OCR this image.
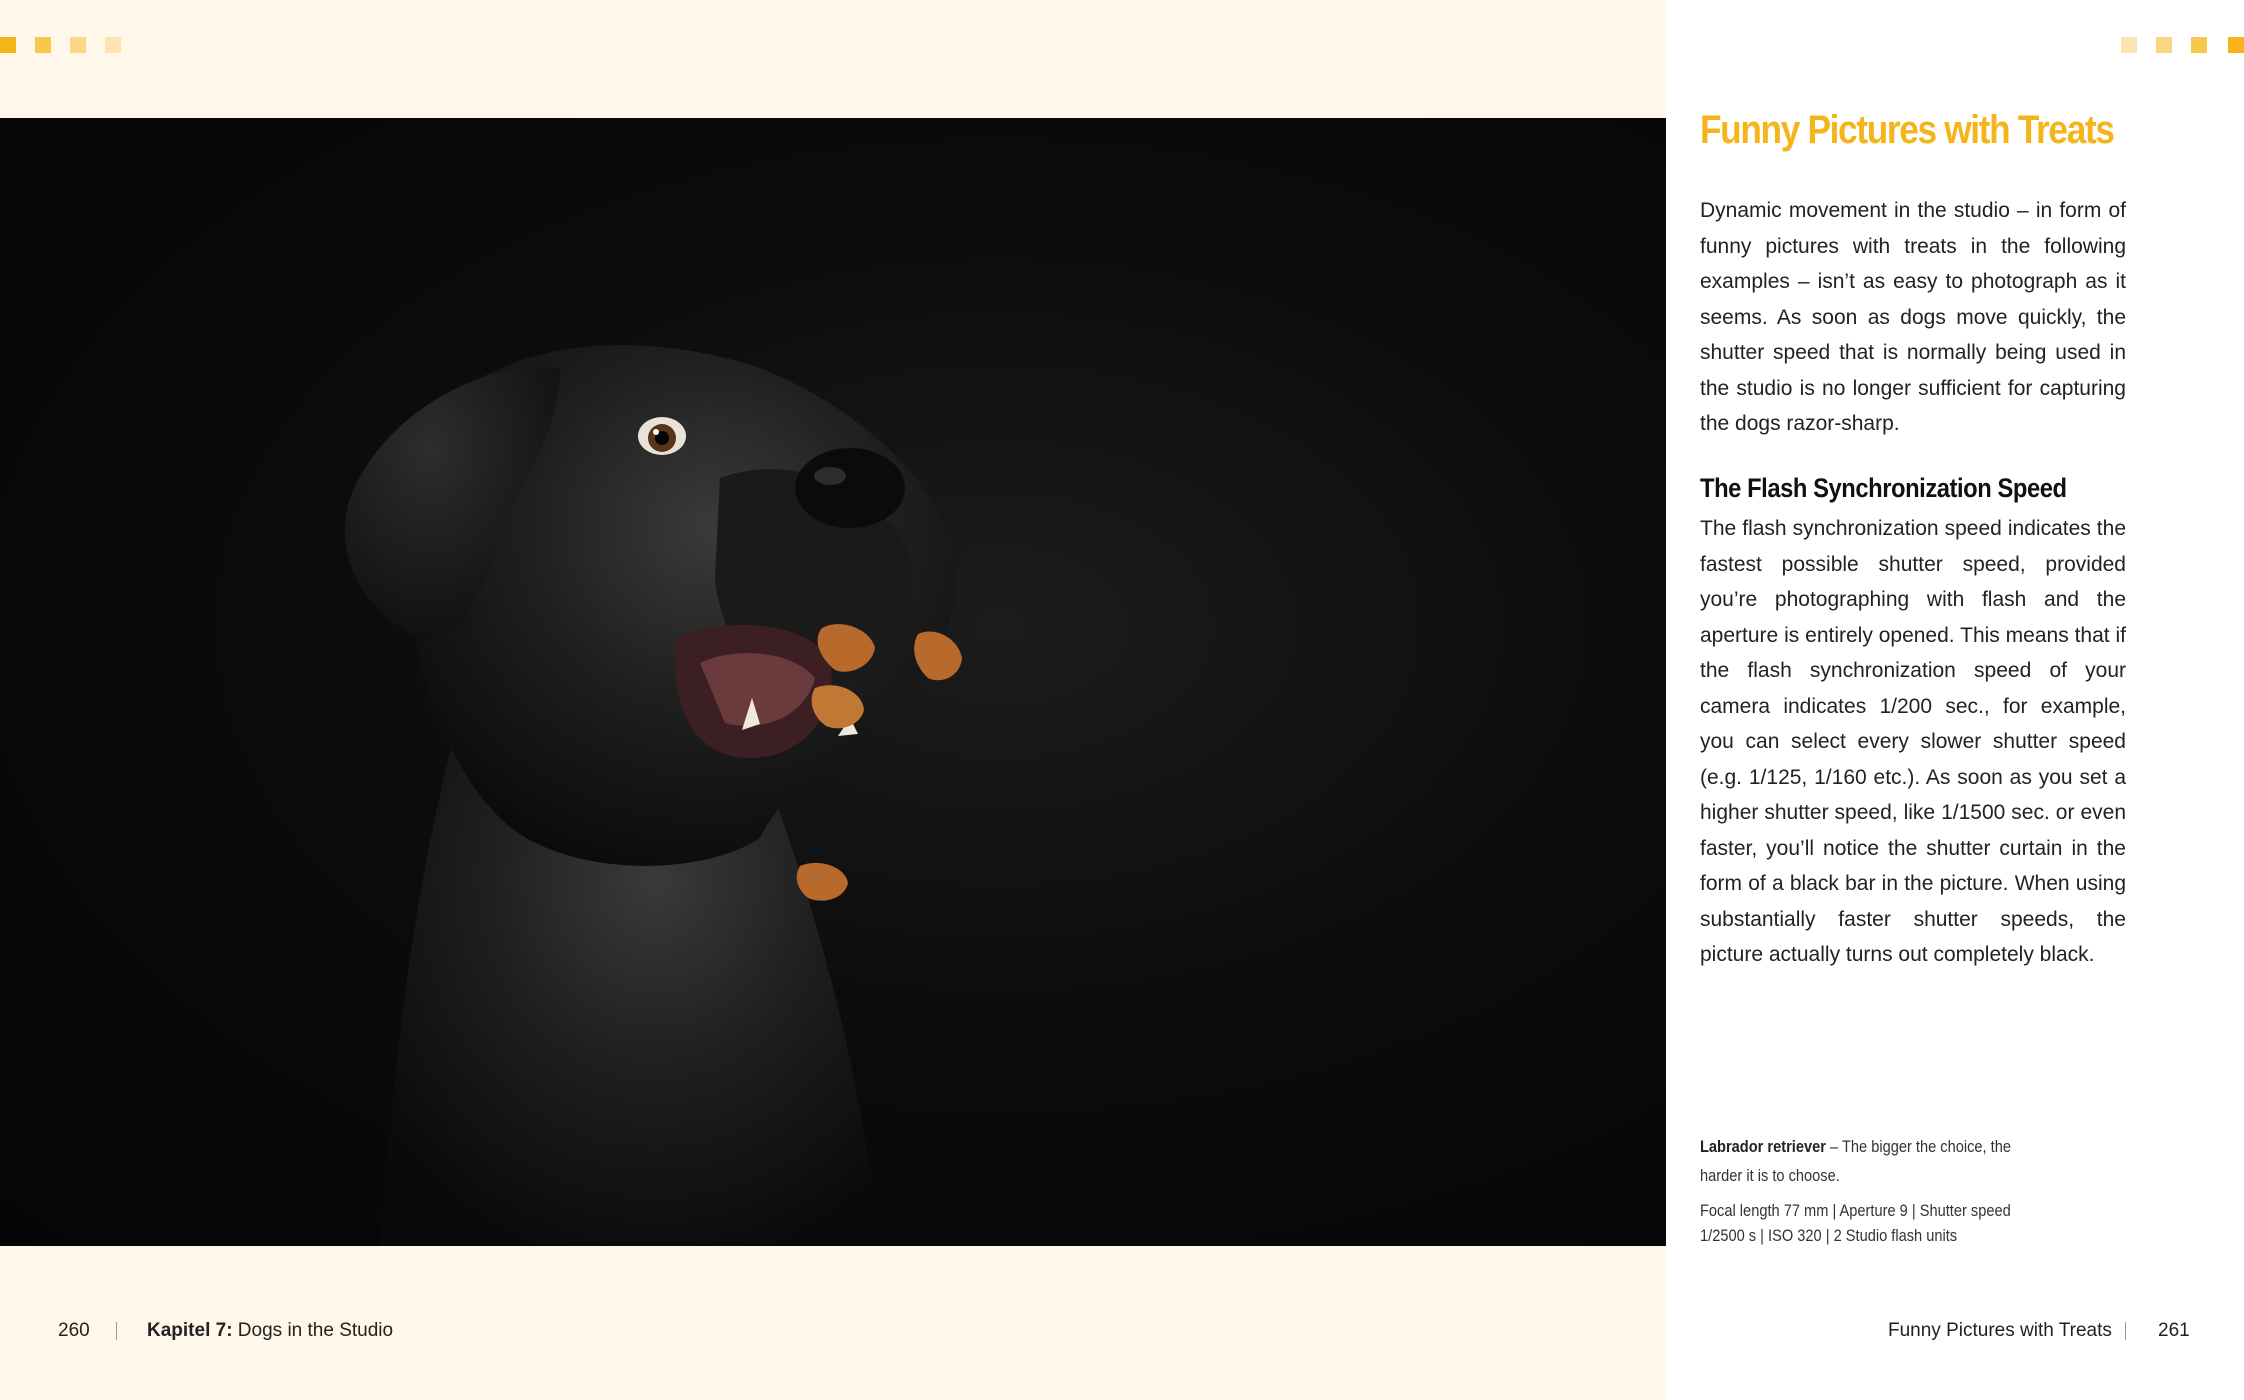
Funny Pictures with Treats

Dynamic movement in the studio – in form of funny pictures with treats in the following examples – isn’t as easy to photograph as it seems. As soon as dogs move quickly, the shutter speed that is normally being used in the studio is no longer sufficient for capturing the dogs razor-sharp.

The Flash Synchronization Speed

The flash synchronization speed indicates the fastest possible shutter speed, provided you’re photographing with flash and the aperture is entirely opened. This means that if the flash synchronization speed of your camera indicates 1/200 sec., for example, you can select every slower shutter speed (e.g. 1/125, 1/160 etc.). As soon as you set a higher shutter speed, like 1/1500 sec. or even faster, you’ll notice the shutter curtain in the form of a black bar in the picture. When using substantially faster shutter speeds, the picture actually turns out completely black.

Labrador retriever – The bigger the choice, the harder it is to choose.
Focal length 77 mm | Aperture 9 | Shutter speed 1/2500 s | ISO 320 | 2 Studio flash units
260	Kapitel 7: Dogs in the Studio	Funny Pictures with Treats 261
